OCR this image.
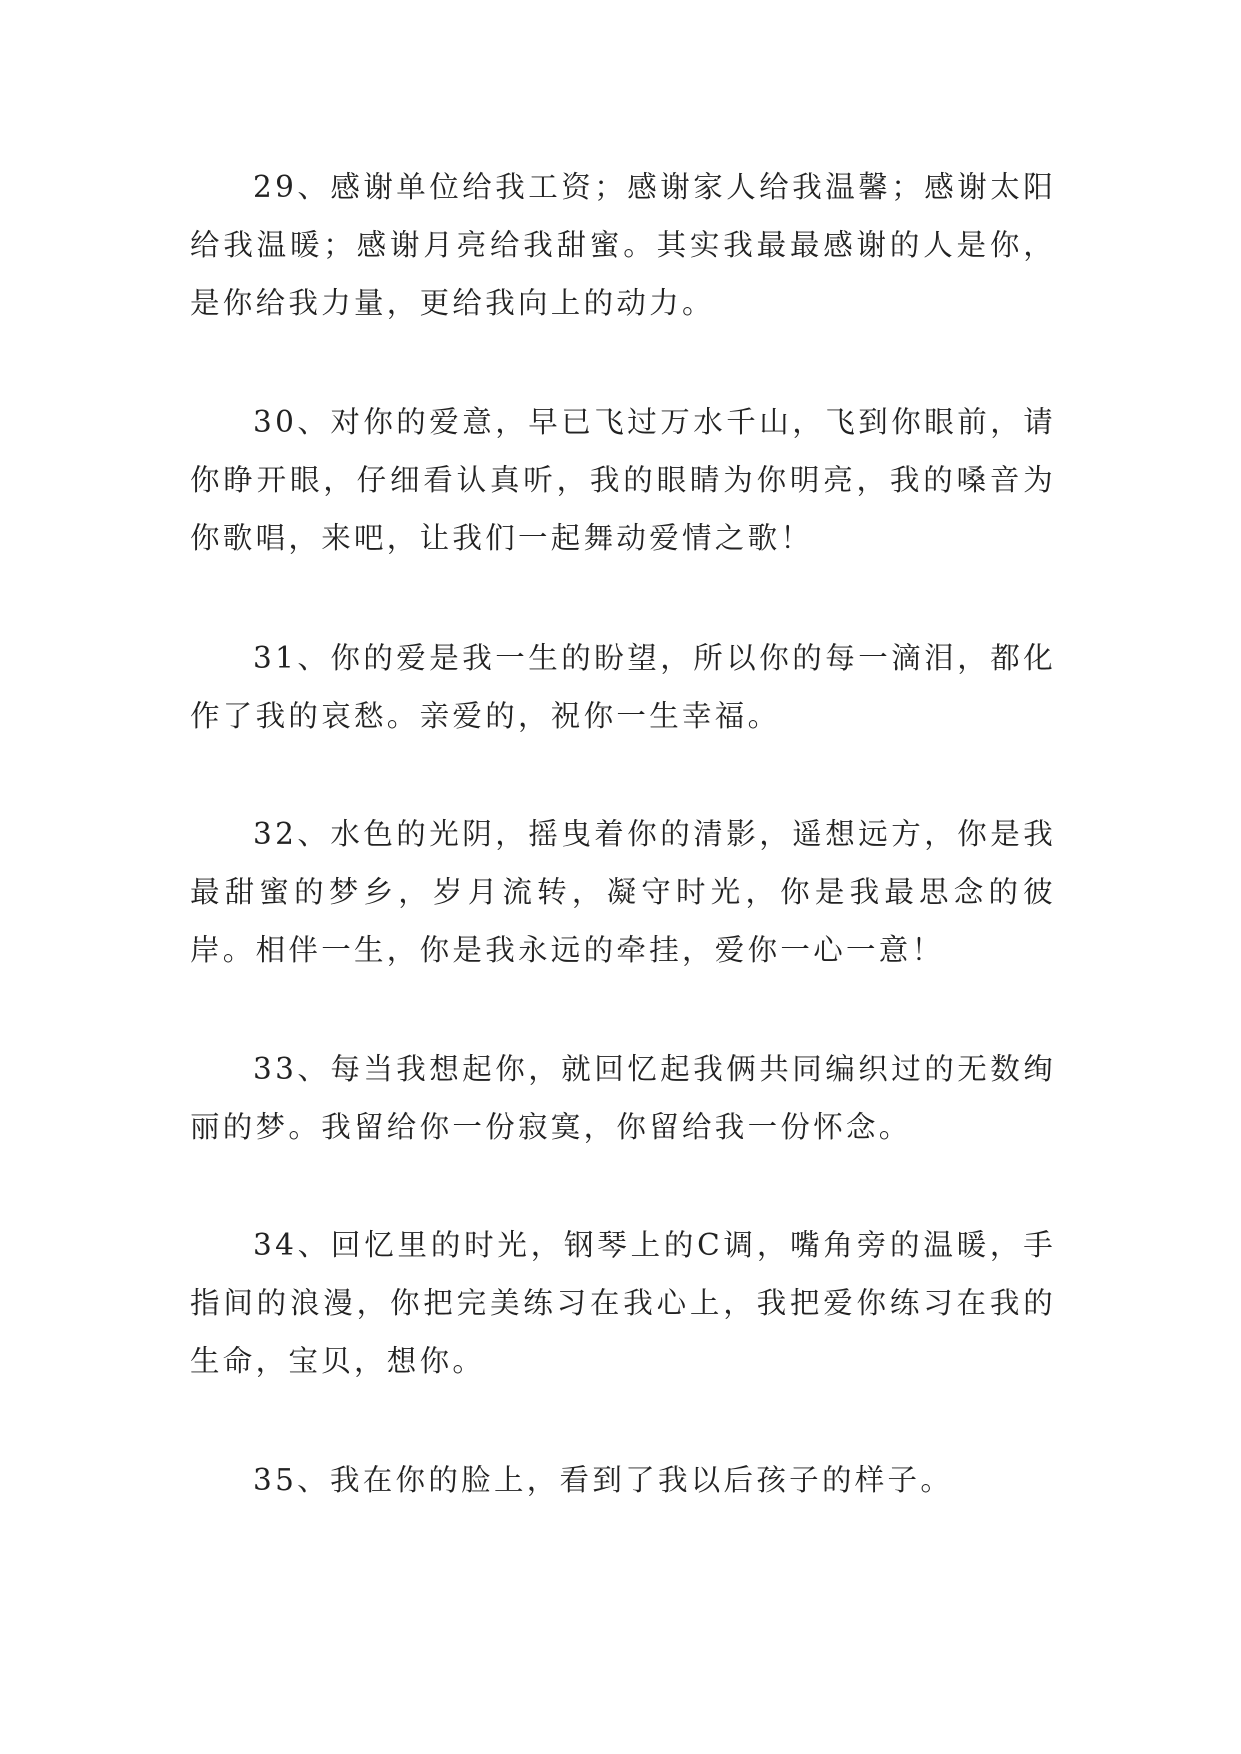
29、感谢单位给我工资；感谢家人给我温馨；感谢太阳给我温暖；感谢月亮给我甜蜜。其实我最最感谢的人是你，是你给我力量，更给我向上的动力。

30、对你的爱意，早已飞过万水千山，飞到你眼前，请你睁开眼，仔细看认真听，我的眼睛为你明亮，我的嗓音为你歌唱，来吧，让我们一起舞动爱情之歌！

31、你的爱是我一生的盼望，所以你的每一滴泪，都化作了我的哀愁。亲爱的，祝你一生幸福。

32、水色的光阴，摇曳着你的清影，遥想远方，你是我最甜蜜的梦乡，岁月流转，凝守时光，你是我最思念的彼岸。相伴一生，你是我永远的牵挂，爱你一心一意！

33、每当我想起你，就回忆起我俩共同编织过的无数绚丽的梦。我留给你一份寂寞，你留给我一份怀念。

34、回忆里的时光，钢琴上的C调，嘴角旁的温暖，手指间的浪漫，你把完美练习在我心上，我把爱你练习在我的生命，宝贝，想你。

35、我在你的脸上，看到了我以后孩子的样子。
